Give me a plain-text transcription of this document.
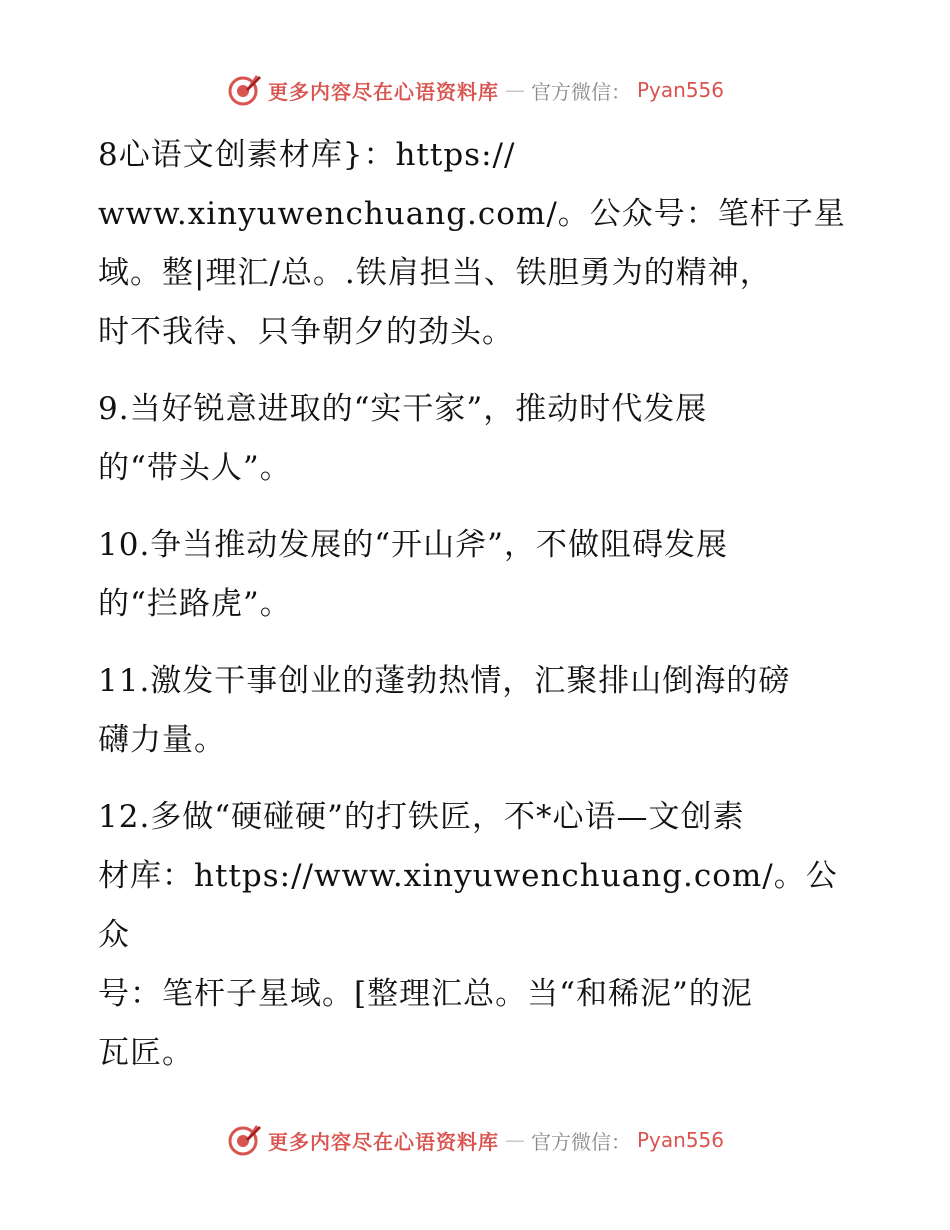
更多内容尽在心语资料库 — 官方微信： Pyan556

8心语文创素材库}：https://
www.xinyuwenchuang.com/。公众号：笔杆子星
域。整|理汇/总。.铁肩担当、铁胆勇为的精神，
时不我待、只争朝夕的劲头。

9.当好锐意进取的“实干家”，推动时代发展
的“带头人”。

10.争当推动发展的“开山斧”，不做阻碍发展
的“拦路虎”。

11.激发干事创业的蓬勃热情，汇聚排山倒海的磅
礴力量。

12.多做“硬碰硬”的打铁匠，不*心语—文创素
材库：https://www.xinyuwenchuang.com/。公众
号：笔杆子星域。[整理汇总。当“和稀泥”的泥
瓦匠。

更多内容尽在心语资料库 — 官方微信： Pyan556
